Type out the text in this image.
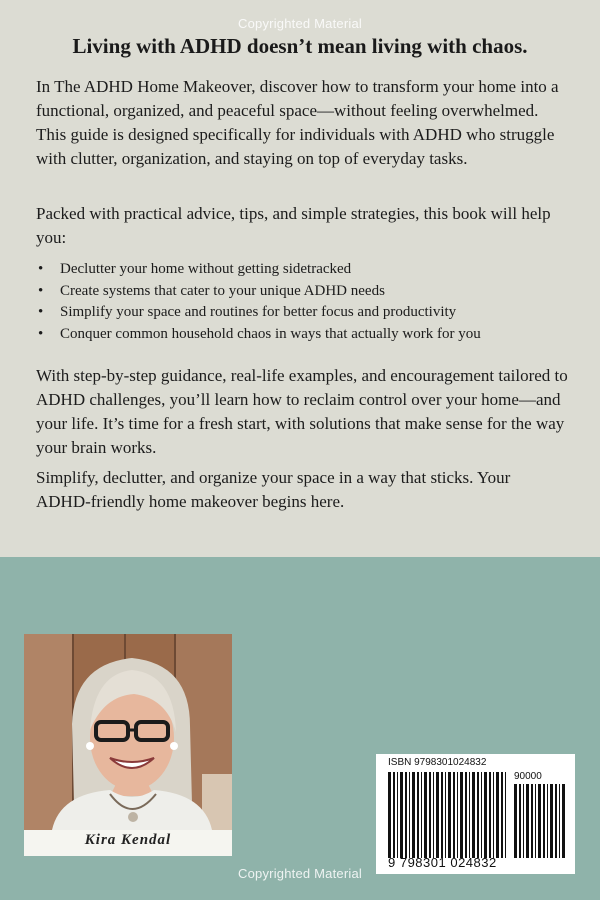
Copyrighted Material
Living with ADHD doesn’t mean living with chaos.

In The ADHD Home Makeover, discover how to transform your home into a functional, organized, and peaceful space—without feeling overwhelmed. This guide is designed specifically for individuals with ADHD who struggle with clutter, organization, and staying on top of everyday tasks.

Packed with practical advice, tips, and simple strategies, this book will help you:

• Declutter your home without getting sidetracked
• Create systems that cater to your unique ADHD needs
• Simplify your space and routines for better focus and productivity
• Conquer common household chaos in ways that actually work for you

With step-by-step guidance, real-life examples, and encouragement tailored to ADHD challenges, you’ll learn how to reclaim control over your home—and your life. It’s time for a fresh start, with solutions that make sense for the way your brain works.

Simplify, declutter, and organize your space in a way that sticks. Your ADHD-friendly home makeover begins here.

Kira Kendal
ISBN 9798301024832
90000
9 798301 024832
Copyrighted Material
